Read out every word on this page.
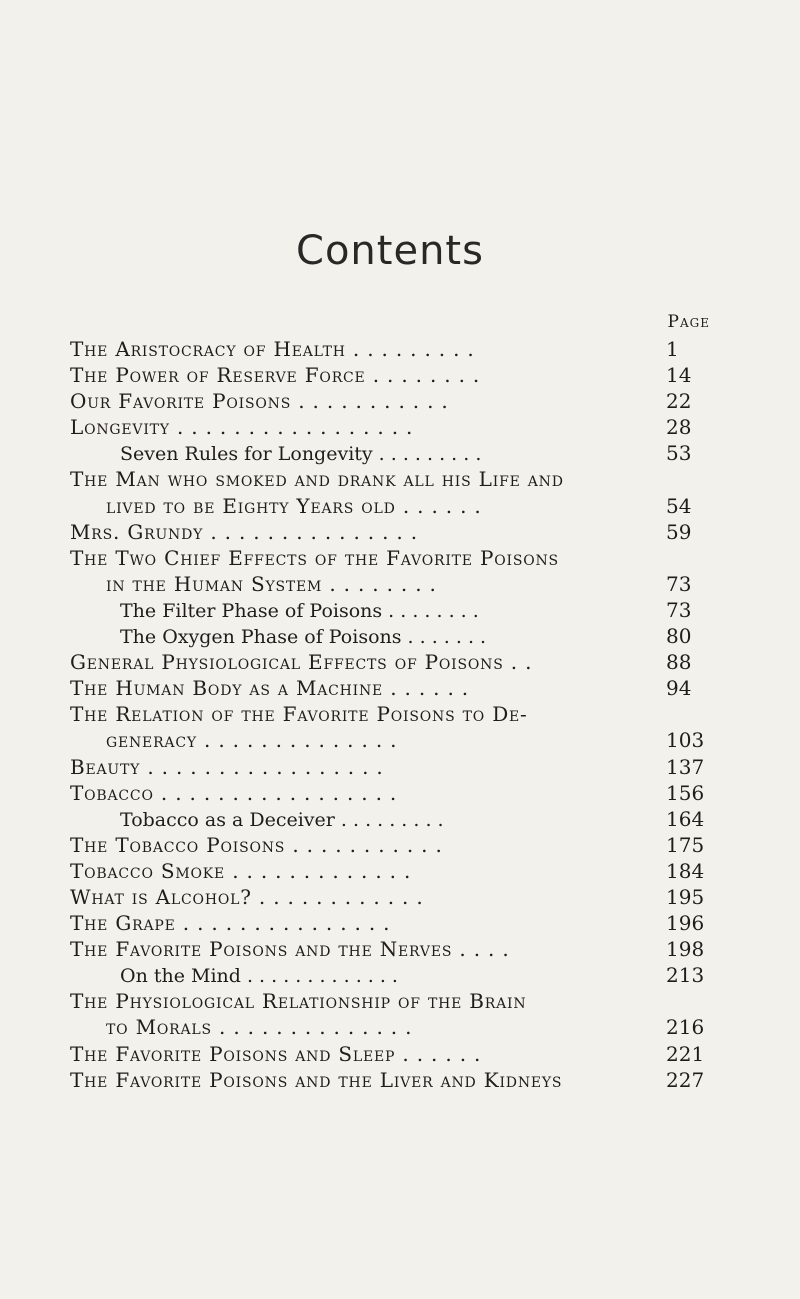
Contents
Page
The Aristocracy of Health . . . . . . . . .	1
The Power of Reserve Force . . . . . . . .	14
Our Favorite Poisons . . . . . . . . . . .	22
Longevity . . . . . . . . . . . . . . . . .	28
Seven Rules for Longevity . . . . . . . . .	53
The Man who smoked and drank all his Life and
lived to be Eighty Years old . . . . . .	54
Mrs. Grundy . . . . . . . . . . . . . . .	59
The Two Chief Effects of the Favorite Poisons
in the Human System . . . . . . . .	73
The Filter Phase of Poisons . . . . . . . .	73
The Oxygen Phase of Poisons . . . . . . .	80
General Physiological Effects of Poisons . .	88
The Human Body as a Machine . . . . . .	94
The Relation of the Favorite Poisons to De-
generacy . . . . . . . . . . . . . .	103
Beauty . . . . . . . . . . . . . . . . .	137
Tobacco . . . . . . . . . . . . . . . . .	156
Tobacco as a Deceiver . . . . . . . . .	164
The Tobacco Poisons . . . . . . . . . . .	175
Tobacco Smoke . . . . . . . . . . . . .	184
What is Alcohol? . . . . . . . . . . . .	195
The Grape . . . . . . . . . . . . . . .	196
The Favorite Poisons and the Nerves . . . .	198
On the Mind . . . . . . . . . . . . .	213
The Physiological Relationship of the Brain
to Morals . . . . . . . . . . . . . .	216
The Favorite Poisons and Sleep . . . . . .	221
The Favorite Poisons and the Liver and Kidneys	227
